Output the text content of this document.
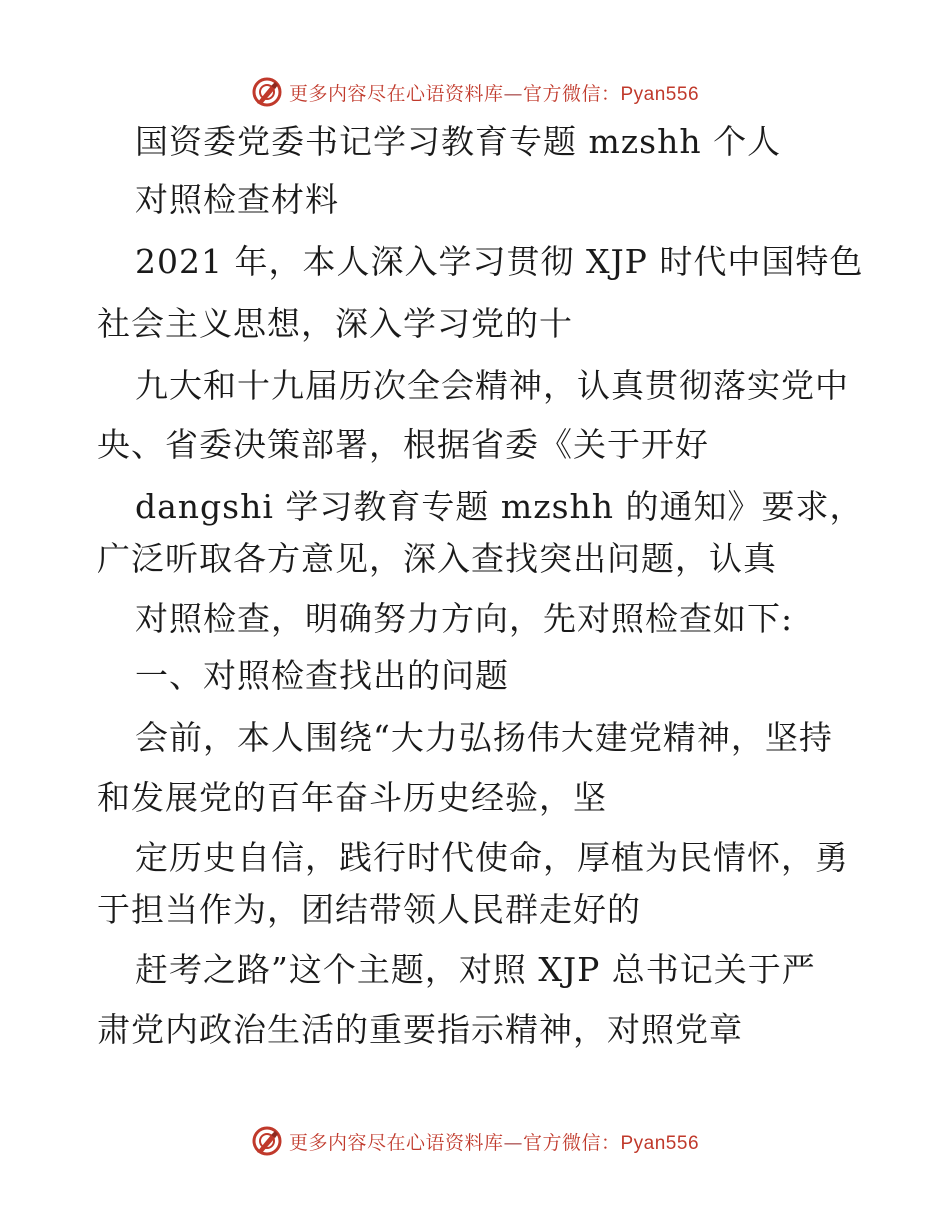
更多内容尽在心语资料库—官方微信：Pyan556
国资委党委书记学习教育专题 mzshh 个人
对照检查材料
2021 年，本人深入学习贯彻 XJP 时代中国特色
社会主义思想，深入学习党的十
九大和十九届历次全会精神，认真贯彻落实党中
央、省委决策部署，根据省委《关于开好
dangshi 学习教育专题 mzshh 的通知》要求，
广泛听取各方意见，深入查找突出问题，认真
对照检查，明确努力方向，先对照检查如下:
一、对照检查找出的问题
会前，本人围绕“大力弘扬伟大建党精神，坚持
和发展党的百年奋斗历史经验，坚
定历史自信，践行时代使命，厚植为民情怀，勇
于担当作为，团结带领人民群走好的
赶考之路”这个主题，对照 XJP 总书记关于严
肃党内政治生活的重要指示精神，对照党章
更多内容尽在心语资料库—官方微信：Pyan556
